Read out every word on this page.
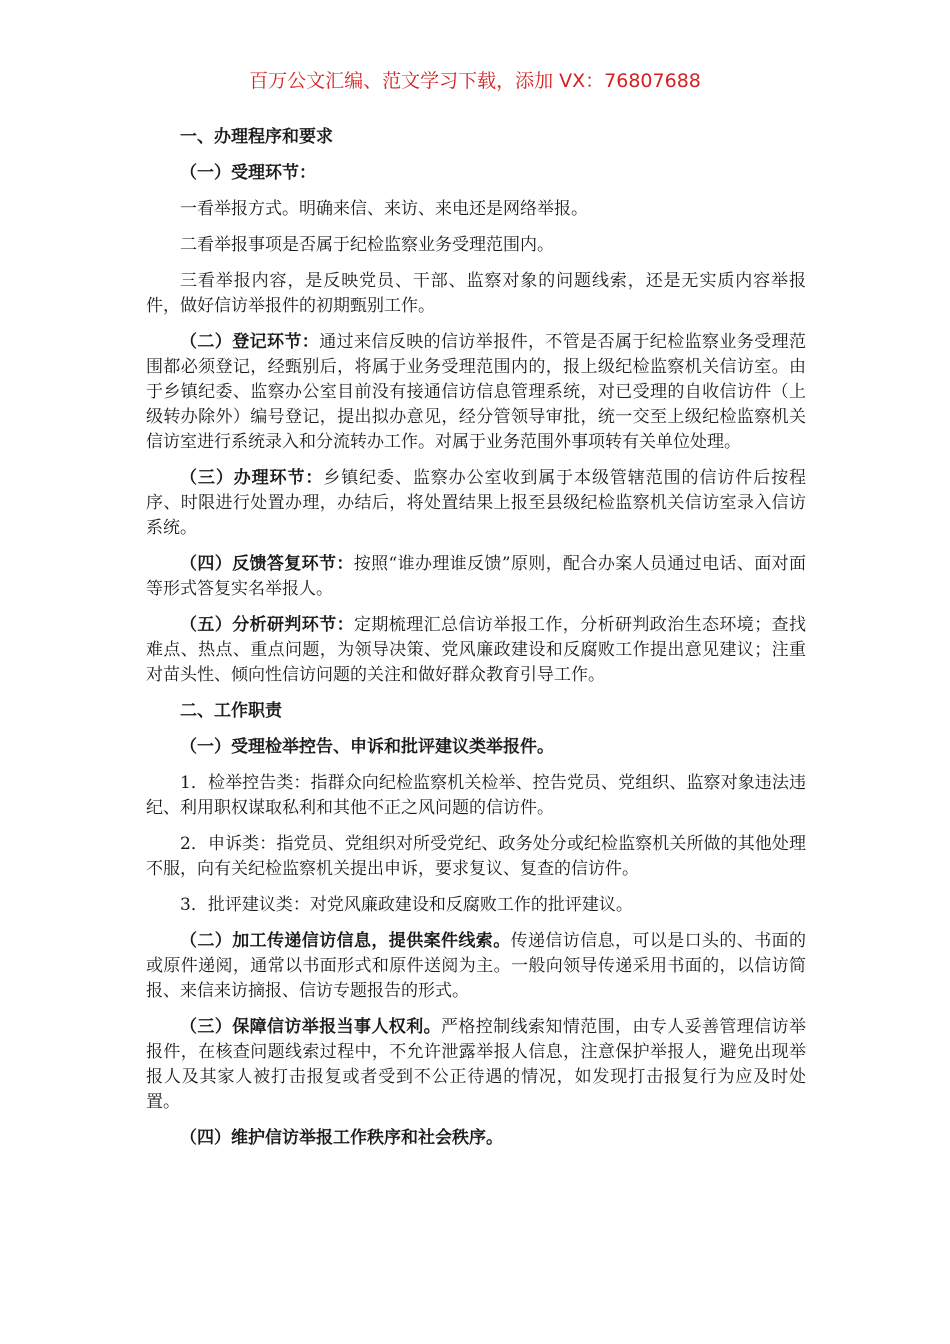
百万公文汇编、范文学习下载，添加 VX：76807688

一、办理程序和要求

（一）受理环节：

一看举报方式。明确来信、来访、来电还是网络举报。

二看举报事项是否属于纪检监察业务受理范围内。

三看举报内容，是反映党员、干部、监察对象的问题线索，还是无实质内容举报件，做好信访举报件的初期甄别工作。

（二）登记环节：通过来信反映的信访举报件，不管是否属于纪检监察业务受理范围都必须登记，经甄别后，将属于业务受理范围内的，报上级纪检监察机关信访室。由于乡镇纪委、监察办公室目前没有接通信访信息管理系统，对已受理的自收信访件（上级转办除外）编号登记，提出拟办意见，经分管领导审批，统一交至上级纪检监察机关信访室进行系统录入和分流转办工作。对属于业务范围外事项转有关单位处理。

（三）办理环节：乡镇纪委、监察办公室收到属于本级管辖范围的信访件后按程序、时限进行处置办理，办结后，将处置结果上报至县级纪检监察机关信访室录入信访系统。

（四）反馈答复环节：按照“谁办理谁反馈”原则，配合办案人员通过电话、面对面等形式答复实名举报人。

（五）分析研判环节：定期梳理汇总信访举报工作，分析研判政治生态环境；查找难点、热点、重点问题，为领导决策、党风廉政建设和反腐败工作提出意见建议；注重对苗头性、倾向性信访问题的关注和做好群众教育引导工作。

二、工作职责

（一）受理检举控告、申诉和批评建议类举报件。

1．检举控告类：指群众向纪检监察机关检举、控告党员、党组织、监察对象违法违纪、利用职权谋取私利和其他不正之风问题的信访件。

2．申诉类：指党员、党组织对所受党纪、政务处分或纪检监察机关所做的其他处理不服，向有关纪检监察机关提出申诉，要求复议、复查的信访件。

3．批评建议类：对党风廉政建设和反腐败工作的批评建议。

（二）加工传递信访信息，提供案件线索。传递信访信息，可以是口头的、书面的或原件递阅，通常以书面形式和原件送阅为主。一般向领导传递采用书面的，以信访简报、来信来访摘报、信访专题报告的形式。

（三）保障信访举报当事人权利。严格控制线索知情范围，由专人妥善管理信访举报件，在核查问题线索过程中，不允许泄露举报人信息，注意保护举报人，避免出现举报人及其家人被打击报复或者受到不公正待遇的情况，如发现打击报复行为应及时处置。

（四）维护信访举报工作秩序和社会秩序。
